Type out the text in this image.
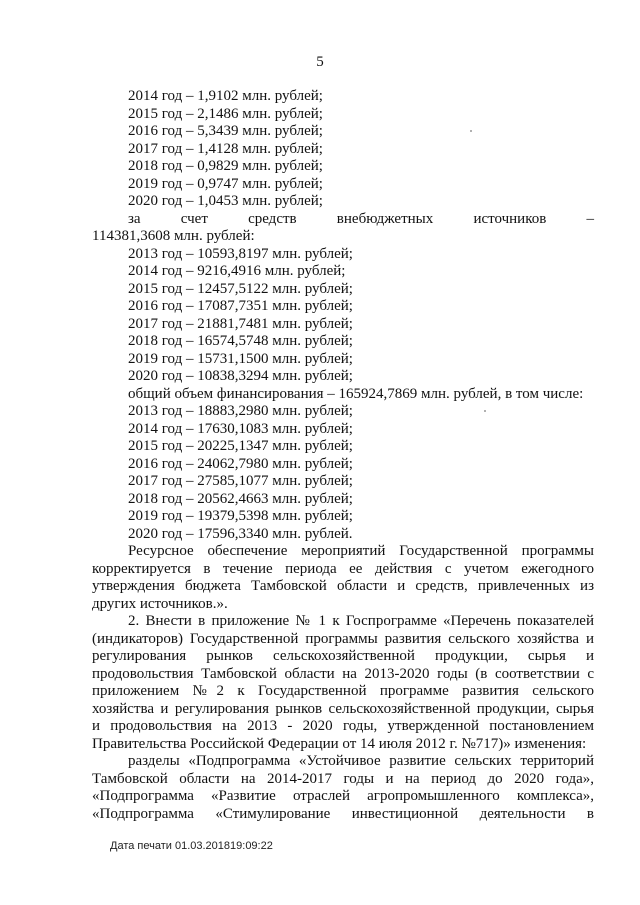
5
2014 год – 1,9102 млн. рублей;
2015 год – 2,1486 млн. рублей;
2016 год – 5,3439 млн. рублей;
2017 год – 1,4128 млн. рублей;
2018 год – 0,9829 млн. рублей;
2019 год – 0,9747 млн. рублей;
2020 год – 1,0453 млн. рублей;
за счет средств внебюджетных источников –
114381,3608 млн. рублей:
2013 год – 10593,8197 млн. рублей;
2014 год – 9216,4916 млн. рублей;
2015 год – 12457,5122 млн. рублей;
2016 год – 17087,7351 млн. рублей;
2017 год – 21881,7481 млн. рублей;
2018 год – 16574,5748 млн. рублей;
2019 год – 15731,1500 млн. рублей;
2020 год – 10838,3294 млн. рублей;
общий объем финансирования – 165924,7869 млн. рублей, в том числе:
2013 год – 18883,2980 млн. рублей;
2014 год – 17630,1083 млн. рублей;
2015 год – 20225,1347 млн. рублей;
2016 год – 24062,7980 млн. рублей;
2017 год – 27585,1077 млн. рублей;
2018 год – 20562,4663 млн. рублей;
2019 год – 19379,5398 млн. рублей;
2020 год – 17596,3340 млн. рублей.
Ресурсное обеспечение мероприятий Государственной программы
корректируется в течение периода ее действия с учетом ежегодного
утверждения бюджета Тамбовской области и средств, привлеченных из
других источников.».
2. Внести в приложение № 1 к Госпрограмме «Перечень показателей
(индикаторов) Государственной программы развития сельского хозяйства и
регулирования рынков сельскохозяйственной продукции, сырья и
продовольствия Тамбовской области на 2013-2020 годы (в соответствии с
приложением №2 к Государственной программе развития сельского
хозяйства и регулирования рынков сельскохозяйственной продукции, сырья
и продовольствия на 2013 - 2020 годы, утвержденной постановлением
Правительства Российской Федерации от 14 июля 2012 г. №717)» изменения:
разделы «Подпрограмма «Устойчивое развитие сельских территорий
Тамбовской области на 2014-2017 годы и на период до 2020 года»,
«Подпрограмма «Развитие отраслей агропромышленного комплекса»,
«Подпрограмма «Стимулирование инвестиционной деятельности в
Дата печати 01.03.201819:09:22
